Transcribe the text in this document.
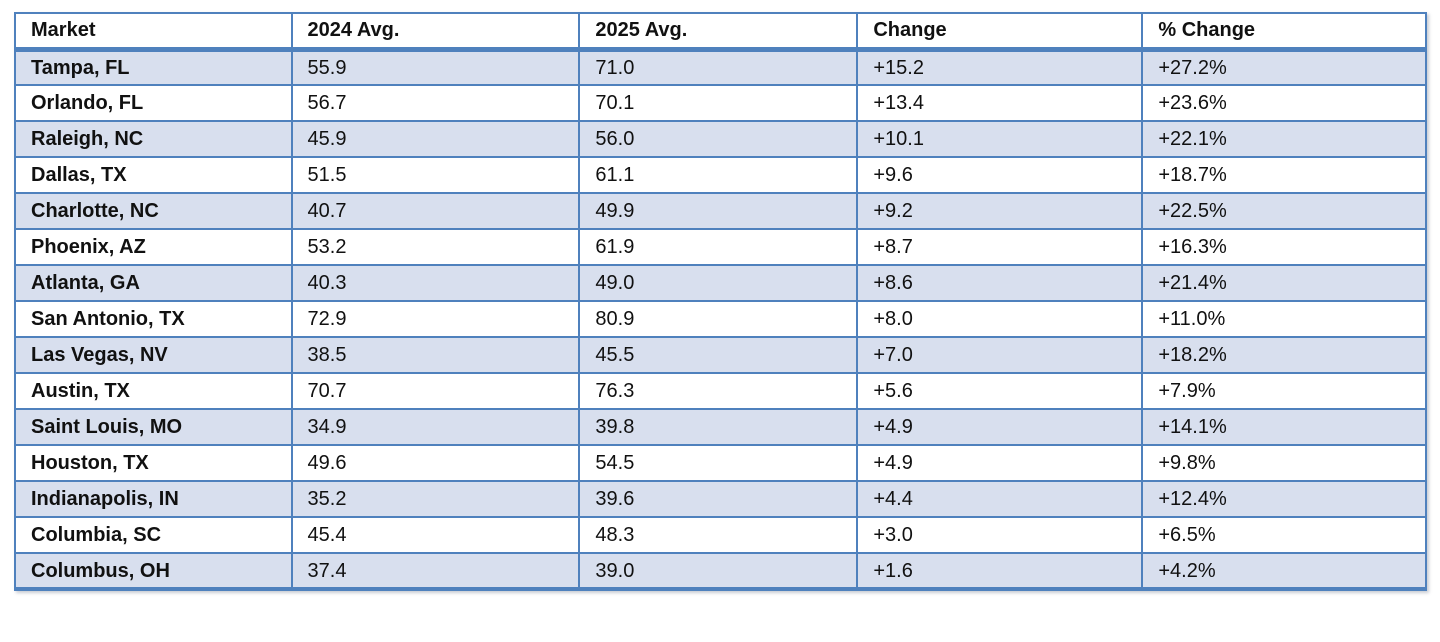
Market	2024 Avg.	2025 Avg.	Change	% Change
Tampa, FL	55.9	71.0	+15.2	+27.2%
Orlando, FL	56.7	70.1	+13.4	+23.6%
Raleigh, NC	45.9	56.0	+10.1	+22.1%
Dallas, TX	51.5	61.1	+9.6	+18.7%
Charlotte, NC	40.7	49.9	+9.2	+22.5%
Phoenix, AZ	53.2	61.9	+8.7	+16.3%
Atlanta, GA	40.3	49.0	+8.6	+21.4%
San Antonio, TX	72.9	80.9	+8.0	+11.0%
Las Vegas, NV	38.5	45.5	+7.0	+18.2%
Austin, TX	70.7	76.3	+5.6	+7.9%
Saint Louis, MO	34.9	39.8	+4.9	+14.1%
Houston, TX	49.6	54.5	+4.9	+9.8%
Indianapolis, IN	35.2	39.6	+4.4	+12.4%
Columbia, SC	45.4	48.3	+3.0	+6.5%
Columbus, OH	37.4	39.0	+1.6	+4.2%
